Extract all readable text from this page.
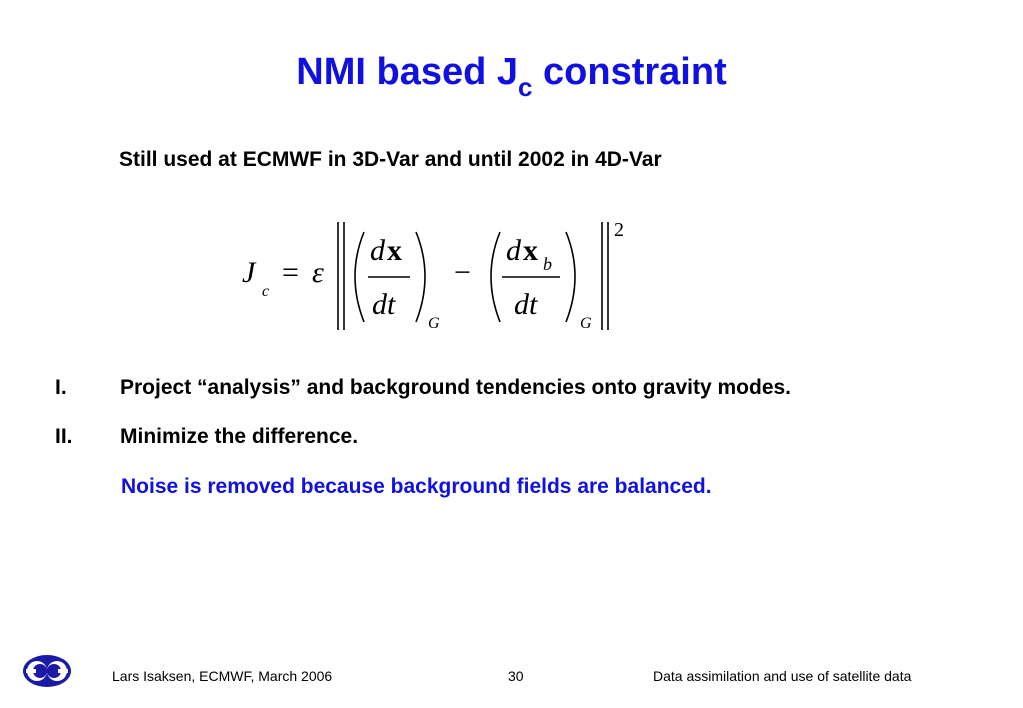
NMI based $J_c$ constraint
Still used at ECMWF in 3D-Var and until 2002 in 4D-Var
J
c
= ε
d x
dt
G
−
d x b
dt
G
2
I.	Project “analysis” and background tendencies onto gravity modes.
II. Minimize the difference.
Noise is removed because background fields are balanced.
Lars Isaksen, ECMWF, March 2006	30	Data assimilation and use of satellite data
